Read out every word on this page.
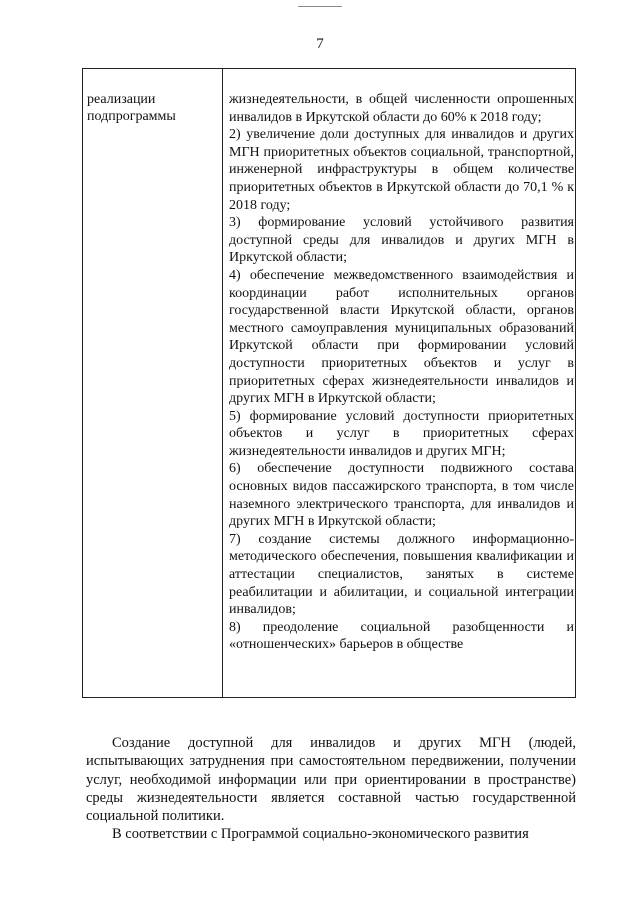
7
реализации подпрограммы

жизнедеятельности, в общей численности опрошенных инвалидов в Иркутской области до 60% к 2018 году;

2) увеличение доли доступных для инвалидов и других МГН приоритетных объектов социальной, транспортной, инженерной инфраструктуры в общем количестве приоритетных объектов в Иркутской области до 70,1 % к 2018 году;

3) формирование условий устойчивого развития доступной среды для инвалидов и других МГН в Иркутской области;

4) обеспечение межведомственного взаимодействия и координации работ исполнительных органов государственной власти Иркутской области, органов местного самоуправления муниципальных образований Иркутской области при формировании условий доступности приоритетных объектов и услуг в приоритетных сферах жизнедеятельности инвалидов и других МГН в Иркутской области;

5) формирование условий доступности приоритетных объектов и услуг в приоритетных сферах жизнедеятельности инвалидов и других МГН;

6) обеспечение доступности подвижного состава основных видов пассажирского транспорта, в том числе наземного электрического транспорта, для инвалидов и других МГН в Иркутской области;

7) создание системы должного информационно-методического обеспечения, повышения квалификации и аттестации специалистов, занятых в системе реабилитации и абилитации, и социальной интеграции инвалидов;

8) преодоление социальной разобщенности и «отношенческих» барьеров в обществе

Создание доступной для инвалидов и других МГН (людей, испытывающих затруднения при самостоятельном передвижении, получении услуг, необходимой информации или при ориентировании в пространстве) среды жизнедеятельности является составной частью государственной социальной политики.

В соответствии с Программой социально-экономического развития
